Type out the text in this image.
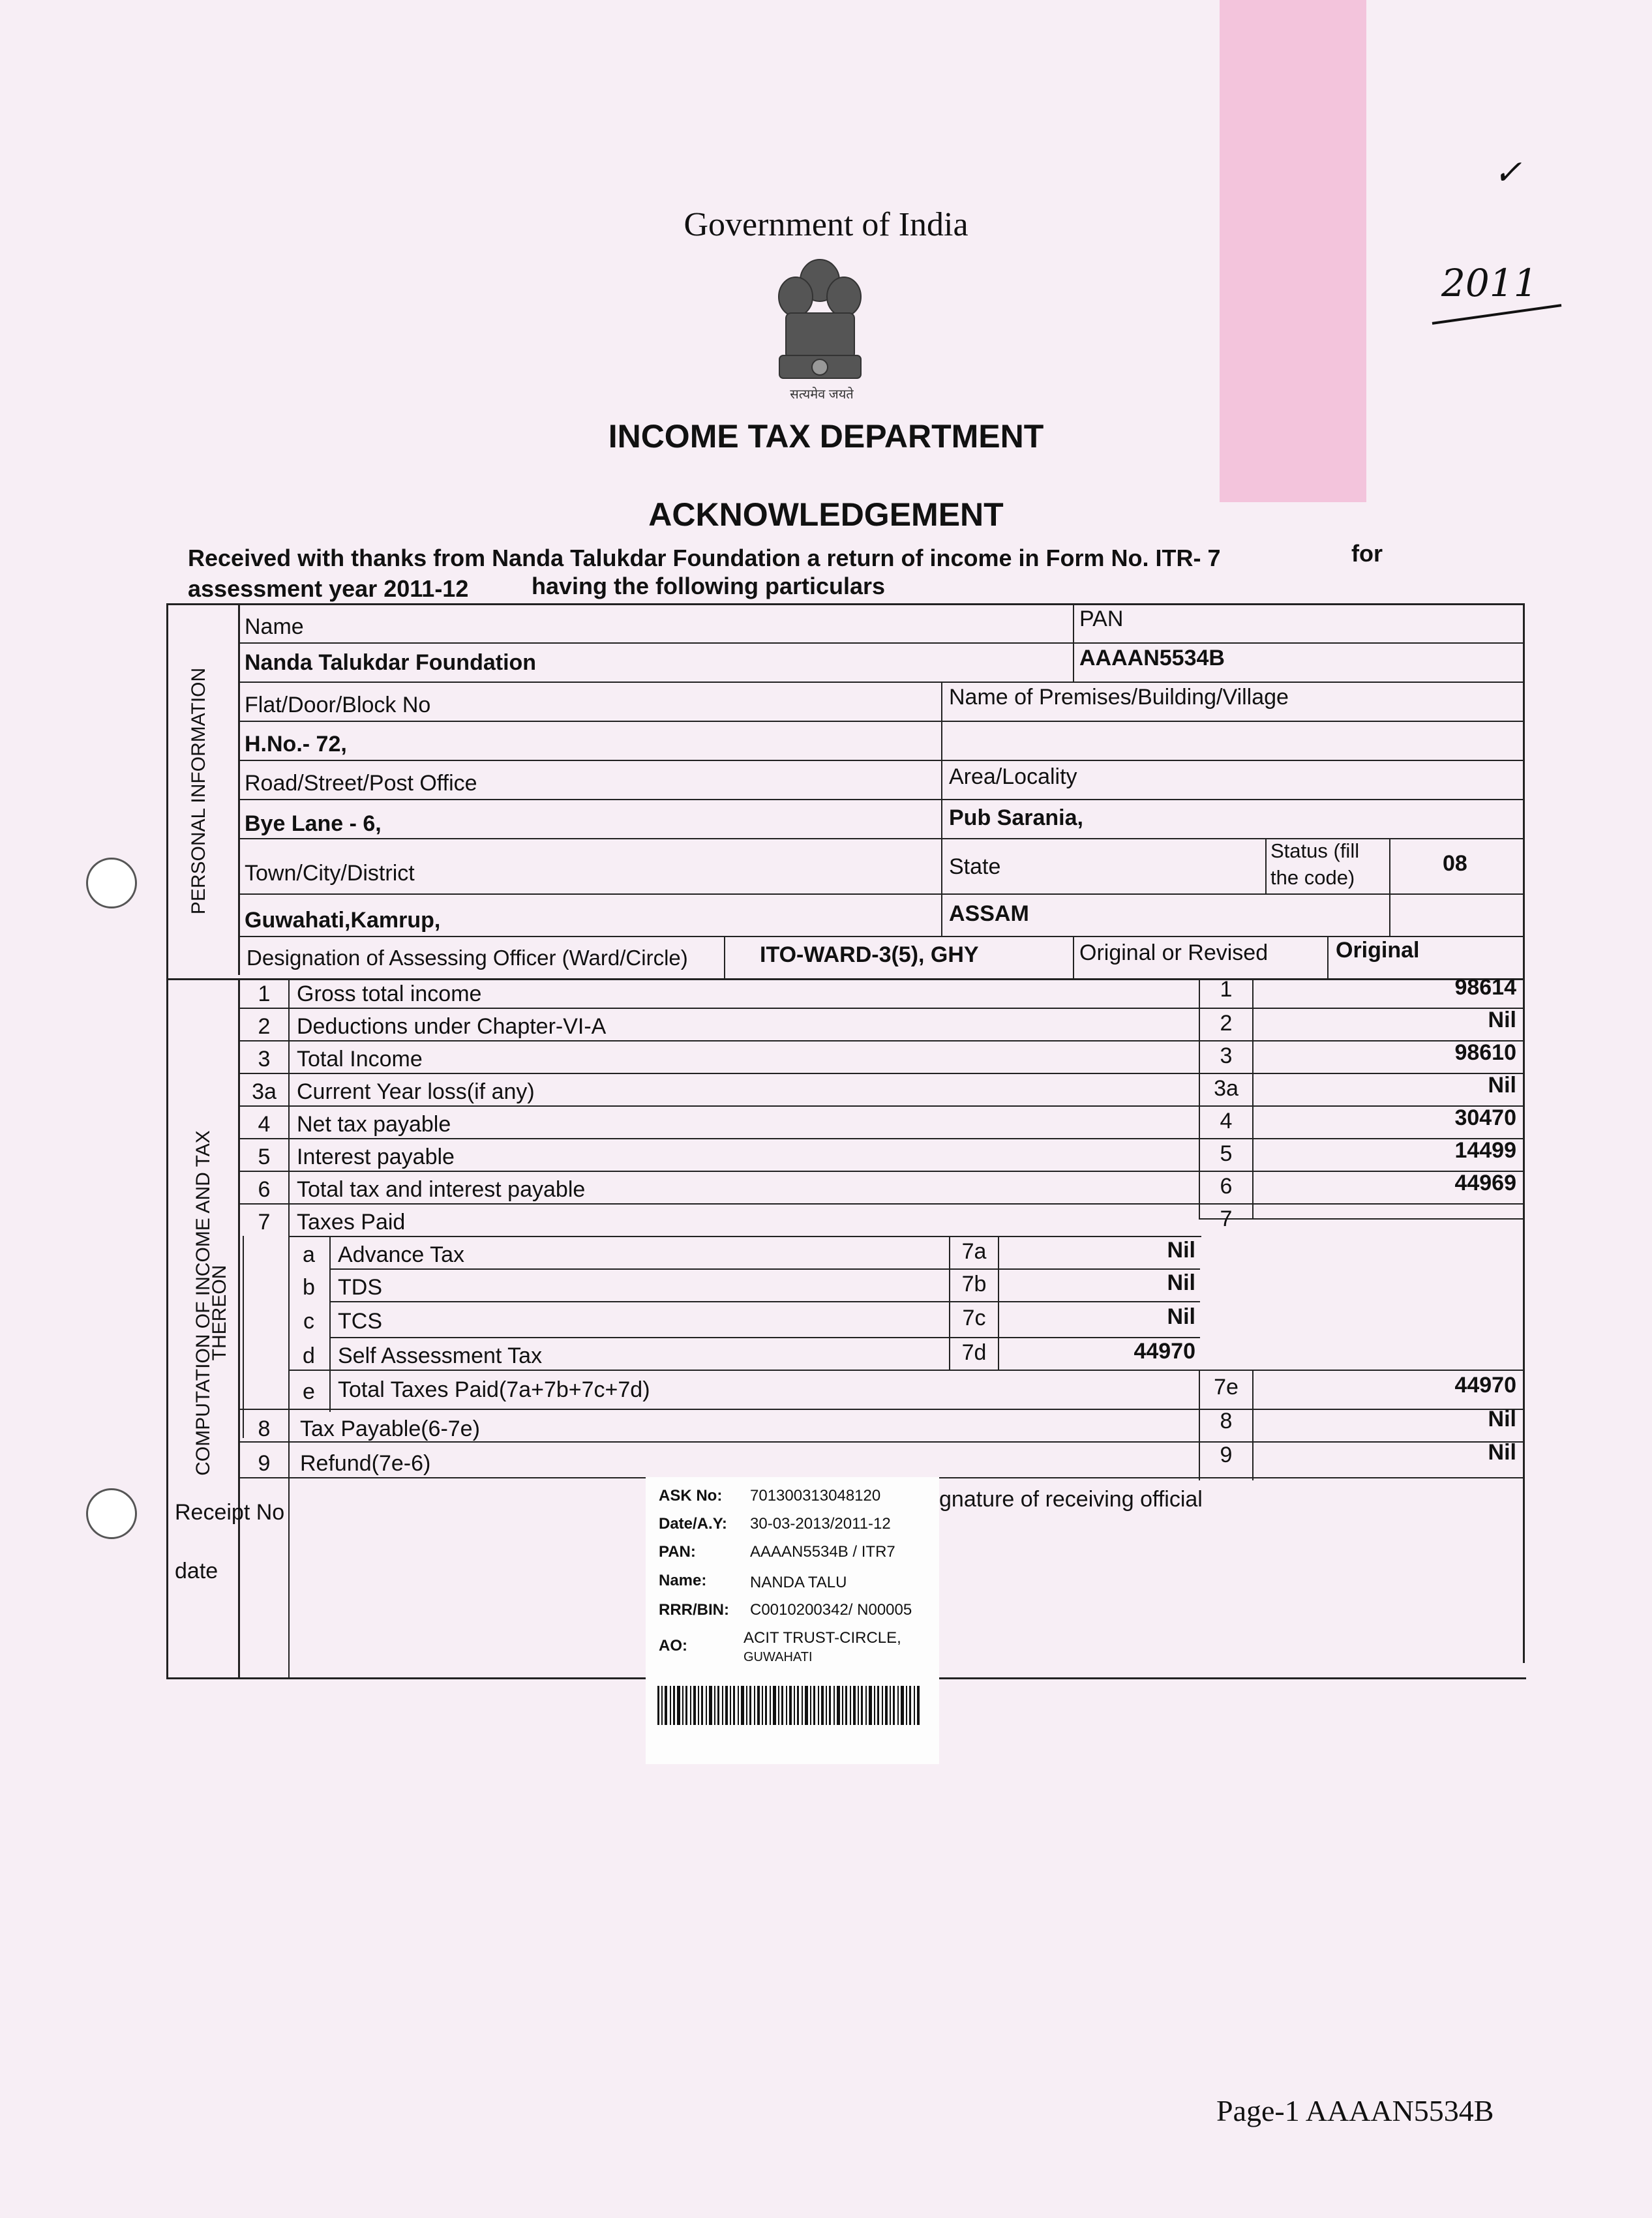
✓
2011
Government of India
सत्यमेव जयते
INCOME TAX DEPARTMENT
ACKNOWLEDGEMENT
Received with thanks from Nanda Talukdar Foundation a return of income in Form No. ITR- 7	for
assessment year 2011-12	having the following particulars
PERSONAL INFORMATION
Name	PAN
Nanda Talukdar Foundation	AAAAN5534B
Flat/Door/Block No	Name of Premises/Building/Village
H.No.- 72,
Road/Street/Post Office	Area/Locality
Bye Lane - 6,	Pub Sarania,
Town/City/District	State
Status (fill
the code)
08
Guwahati,Kamrup,	ASSAM
Designation of Assessing Officer (Ward/Circle)	ITO-WARD-3(5), GHY	Original or Revised	Original
COMPUTATION OF INCOME AND TAX
THEREON
1	Gross total income	1	98614
2	Deductions under Chapter-VI-A	2	Nil
3	Total Income	3	98610
3a Current Year loss(if any)	3a	Nil
4	Net tax payable	4	30470
5	Interest payable	5	14499
6	Total tax and interest payable	6	44969
7	Taxes Paid	7
a	Advance Tax	7a	Nil
b	TDS	7b	Nil
c	TCS	7c	Nil
d	Self Assessment Tax	7d	44970
e	Total Taxes Paid(7a+7b+7c+7d)	7e	44970
8	Tax Payable(6-7e)	8	Nil
9	Refund(7e-6)	9	Nil
Receipt No
date
gnature of receiving official
ASK No: 701300313048120
Date/A.Y: 30-03-2013/2011-12
PAN:	AAAAN5534B / ITR7
Name:	NANDA TALU
RRR/BIN: C0010200342/ N00005
AO:	ACIT TRUST-CIRCLE,
GUWAHATI
Page-1 AAAAN5534B
